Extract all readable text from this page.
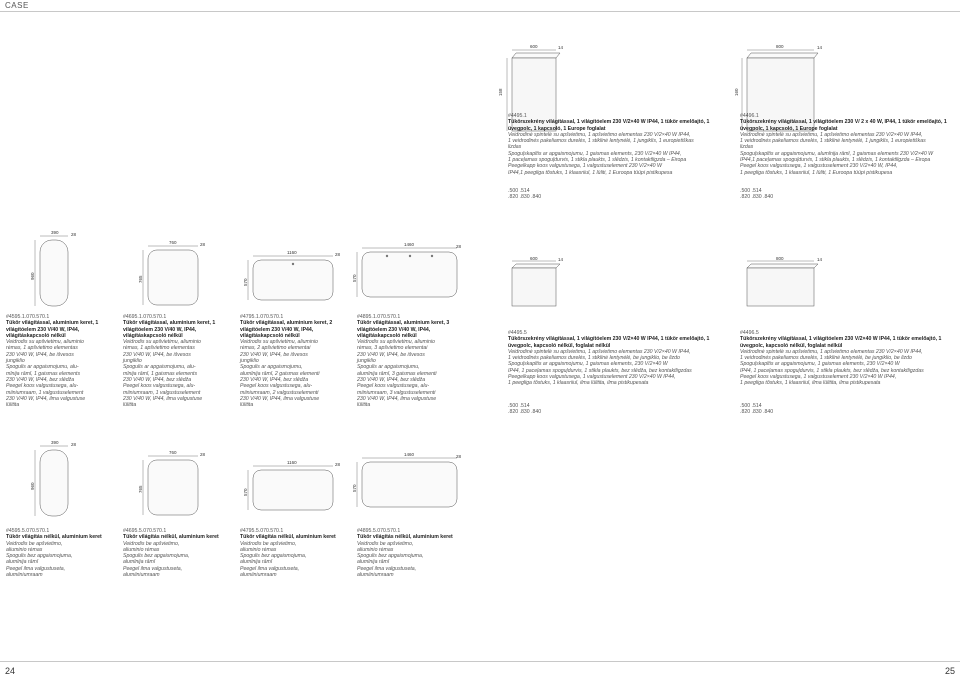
CASE
24	25
600	14
158
800	14
160

#4495.1

Tükörszekrény világítással, 1 világítóelem 230 V/2×40 W IP44, 1 tükör emelőajtó, 1 üvegpolc, 1 kapcsoló, 1 Europe foglalat

Veidrodinė spintelė su apšvietimu, 1 apšvietimo elementas 230 V/2×40 W IP44,

1 veidrodinės pakeliamos durelės, 1 stiklinė lentynėlė, 1 jungiklis, 1 europietiškas

lizdas

Spoguļskapītis ar apgaismojumu, 1 gaismas elements, 230 V/2×40 W IP44,

1 paceļamas spoguļdurvis, 1 stikla plaukts, 1 slēdzis, 1 kontaktligzda – Eiropa

Peegelkapp koos valgustusega, 1 valgustuselement 230 V/2×40 W

IP44,1 peegliga tõstuks, 1 klaasriiul, 1 lüliti, 1 Euroopa tüüpi pistikupesa

.500 .514

.820 .830 .840

#4496.1

Tükörszekrény világítással, 1 világítóelem 230 V/ 2 x 40 W, IP44, 1 tükör emelőajtó, 1 üvegpolc, 1 kapcsoló, 1 Europe foglalat

Veidrodinė spintelė su apšvietimu, 1 apšvietimo elementas 230 V/2×40 W IP44,

1 veidrodinės pakeliamos durelės, 1 stiklinė lentynėlė, 1 jungiklis, 1 europietiškas

lizdas

Spoguļskapītis ar apgaismojumu, alumīnija rāmī, 1 gaismas elements 230 V/2×40 W

IP44,1 paceļamas spoguļdurvis, 1 stikla plaukts, 1 slēdzis, 1 kontaktligzda – Eiropa

Peegel koos valgustusega, 1 valgustuselement 230 V/2×40 W, IP44,

1 peegliga tõstuks, 1 klaasriiul, 1 lüliti, 1 Euroopa tüüpi pistikupesa

.500 .514

.820 .830 .840

390	28
960
760	28
765
1160	28
570
1460	28
570
600	14	800	14

#4595.1.070.570.1

Tükör világítással, aluminium keret, 1 világítóelem 230 V/40 W, IP44, világításkapcsoló nélkül

Veidrodis su apšvietimu, aliuminio

rėmas, 1 apšvietimo elementas

230 V/40 W, IP44, be išvesos

jungiklio

Spogulis ar apgaismojumu, alu-

mīnija rāmī, 1 gaismas elements

230 V/40 W, IP44, bez slēdža

Peegel koos valgustusega, alu-

miiniumraam, 1 valgustuselement

230 V/40 W, IP44, ilma valgustuse

lülitita

#4695.1.070.570.1

Tükör világítással, aluminium keret, 1 világítóelem 230 V/40 W, IP44, világításkapcsoló nélkül

Veidrodis su apšvietimu, aliuminio

rėmas, 1 apšvietimo elementas

230 V/40 W, IP44, be išvesos

jungiklio

Spogulis ar apgaismojumu, alu-

mīnija rāmī, 1 gaismas elements

230 V/40 W, IP44, bez slēdža

Peegel koos valgustusega, alu-

miiniumraam, 1 valgustuselement

230 V/40 W, IP44, ilma valgustuse

lülitita

#4795.1.070.570.1

Tükör világítással, aluminium keret, 2 világítóelem 230 V/40 W, IP44, világításkapcsoló nélkül

Veidrodis su apšvietimu, aliuminio

rėmas, 2 apšvietimo elementai

230 V/40 W, IP44, be išvesos

jungiklio

Spogulis ar apgaismojumu,

alumīnija rāmī, 2 gaismas elementi

230 V/40 W, IP44, bez slēdža

Peegel koos valgustusega, alu-

miiniumraam, 2 valgustuselementi

230 V/40 W, IP44, ilma valgustuse

lülitita

#4895.1.070.570.1

Tükör világítással, aluminium keret, 3 világítóelem 230 V/40 W, IP44, világításkapcsoló nélkül

Veidrodis su apšvietimu, aliuminio

rėmas, 3 apšvietimo elementai

230 V/40 W, IP44, be išvesos

jungiklio

Spogulis ar apgaismojumu,

alumīnija rāmī, 3 gaismas elementi

230 V/40 W, IP44, bez slēdža

Peegel koos valgustusega, alu-

miiniumraam, 3 valgustuselementi

230 V/40 W, IP44, ilma valgustuse

lülitita

#4495.5

Tükörszekrény világítással, 1 világítóelem 230 V/2×40 W IP44, 1 tükör emelőajtó, 1 üvegpolc, kapcsoló nélkül, foglalat nélkül

Veidrodinė spintelė su apšvietimu, 1 apšvietimo elementas 230 V/2×40 W IP44,

1 veidrodinės pakeliamos durelės, 1 stiklinė lentynėlė, be jungiklio, be lizdo

Spoguļskapītis ar apgaismojumu, 1 gaismas elements, 230 V/2×40 W

IP44, 1 paceļamas spoguļdurvis, 1 stikla plaukts, bez slēdža, bez kontaktligzdas

Peegelkapp koos valgustusega, 1 valgustuselement 230 V/2×40 W IP44,

1 peegliga tõstuks, 1 klaasriiul, ilma lülitita, ilma pistikupesata

.500 .514

.820 .830 .840

#4496.5

Tükörszekrény világítással, 1 világítóelem 230 V/2×40 W IP44, 1 tükör emelőajtó, 1 üvegpolc, kapcsoló nélkül, foglalat nélkül

Veidrodinė spintelė su apšvietimu, 1 apšvietimo elementas 230 V/2×40 W IP44,

1 veidrodinės pakeliamos durelės, 1 stiklinė lentynėlė, be jungiklio, be lizdo

Spoguļskapītis ar apgaismojumu, 1 gaismas elements, 230 V/2×40 W

IP44, 1 paceļamas spoguļdurvis, 1 stikla plaukts, bez slēdža, bez kontaktligzdas

Peegel koos valgustusega, 1 valgustuselement 230 V/2×40 W IP44,

1 peegliga tõstuks, 1 klaasriiul, ilma lülitita, ilma pistikupesata

.500 .514

.820 .830 .840

390	28
960
760	28
765
1160	28
570
1460	28
570

#4595.5.070.570.1

Tükör világítás nélkül, aluminium keret

Veidrodis be apšvietimo,

aliuminio rėmas

Spogulis bez apgaismojuma,

alumīnija rāmī

Peegel ilma valgustuseta,

alumiiniumraam

#4695.5.070.570.1

Tükör világítás nélkül, aluminium keret

Veidrodis be apšvietimo,

aliuminio rėmas

Spogulis bez apgaismojuma,

alumīnija rāmī

Peegel ilma valgustuseta,

alumiiniumraam

#4795.5.070.570.1

Tükör világítás nélkül, aluminium keret

Veidrodis be apšvietimo,

aliuminio rėmas

Spogulis bez apgaismojuma,

alumīnija rāmī

Peegel ilma valgustuseta,

alumiiniumraam

#4895.5.070.570.1

Tükör világítás nélkül, aluminium keret

Veidrodis be apšvietimo,

aliuminio rėmas

Spogulis bez apgaismojuma,

alumīnija rāmī

Peegel ilma valgustuseta,

alumiiniumraam
